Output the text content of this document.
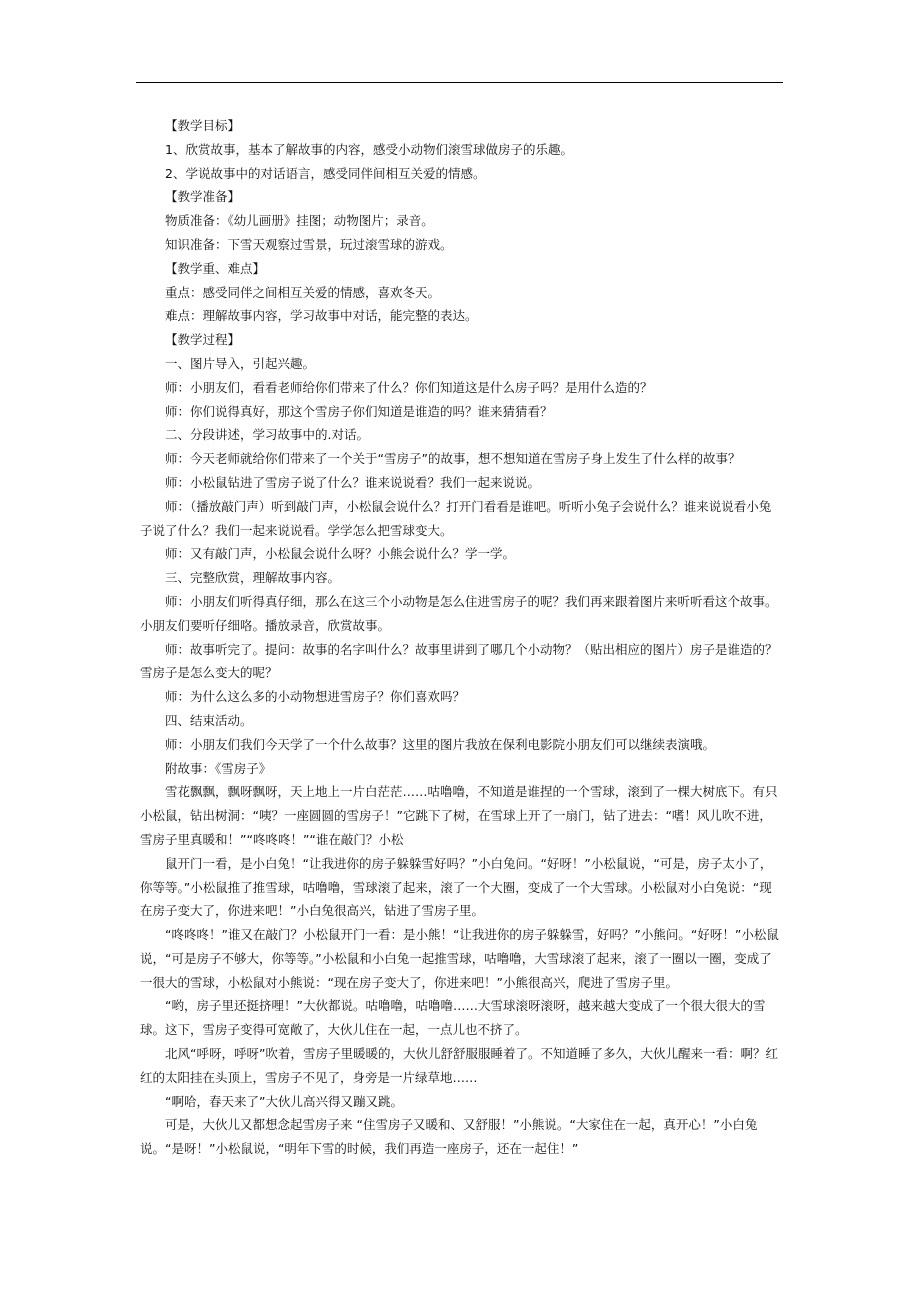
【教学目标】

1、欣赏故事，基本了解故事的内容，感受小动物们滚雪球做房子的乐趣。

2、学说故事中的对话语言，感受同伴间相互关爱的情感。

【教学准备】

物质准备：《幼儿画册》挂图；动物图片；录音。

知识准备：下雪天观察过雪景，玩过滚雪球的游戏。

【教学重、难点】

重点：感受同伴之间相互关爱的情感，喜欢冬天。

难点：理解故事内容，学习故事中对话，能完整的表达。

【教学过程】

一、图片导入，引起兴趣。

师：小朋友们，看看老师给你们带来了什么？你们知道这是什么房子吗？是用什么造的？

师：你们说得真好，那这个雪房子你们知道是谁造的吗？谁来猜猜看？

二、分段讲述，学习故事中的.对话。

师：今天老师就给你们带来了一个关于“雪房子”的故事，想不想知道在雪房子身上发生了什么样的故事？

师：小松鼠钻进了雪房子说了什么？谁来说说看？我们一起来说说。

师：（播放敲门声）听到敲门声，小松鼠会说什么？打开门看看是谁吧。听听小兔子会说什么？谁来说说看小兔子说了什么？我们一起来说说看。学学怎么把雪球变大。

师：又有敲门声，小松鼠会说什么呀？小熊会说什么？学一学。

三、完整欣赏，理解故事内容。

师：小朋友们听得真仔细，那么在这三个小动物是怎么住进雪房子的呢？我们再来跟着图片来听听看这个故事。小朋友们要听仔细咯。播放录音，欣赏故事。

师：故事听完了。提问：故事的名字叫什么？故事里讲到了哪几个小动物？（贴出相应的图片）房子是谁造的？雪房子是怎么变大的呢？

师：为什么这么多的小动物想进雪房子？你们喜欢吗？

四、结束活动。

师：小朋友们我们今天学了一个什么故事？这里的图片我放在保利电影院小朋友们可以继续表演哦。

附故事：《雪房子》

雪花飘飘，飘呀飘呀，天上地上一片白茫茫……咕噜噜，不知道是谁捏的一个雪球，滚到了一棵大树底下。有只小松鼠，钻出树洞：“咦？一座圆圆的雪房子！”它跳下了树，在雪球上开了一扇门，钻了进去：“嗜！风儿吹不进，雪房子里真暖和！”“咚咚咚！”“谁在敲门？小松

鼠开门一看，是小白兔！“让我进你的房子躲躲雪好吗？”小白兔问。“好呀！”小松鼠说，“可是，房子太小了，你等等。”小松鼠推了推雪球，咕噜噜，雪球滚了起来，滚了一个大圈，变成了一个大雪球。小松鼠对小白兔说：“现在房子变大了，你进来吧！”小白兔很高兴，钻进了雪房子里。

“咚咚咚！”谁又在敲门？小松鼠开门一看：是小熊！“让我进你的房子躲躲雪，好吗？”小熊问。“好呀！”小松鼠说，“可是房子不够大，你等等。”小松鼠和小白兔一起推雪球，咕噜噜，大雪球滚了起来，滚了一圈以一圈，变成了一很大的雪球，小松鼠对小熊说：“现在房子变大了，你进来吧！”小熊很高兴，爬进了雪房子里。

“哟，房子里还挺挤哩！”大伙都说。咕噜噜，咕噜噜……大雪球滚呀滚呀，越来越大变成了一个很大很大的雪球。这下，雪房子变得可宽敞了，大伙儿住在一起，一点儿也不挤了。

北风“呼呀，呼呀”吹着，雪房子里暖暖的，大伙儿舒舒服服睡着了。不知道睡了多久，大伙儿醒来一看：啊？红红的太阳挂在头顶上，雪房子不见了，身旁是一片绿草地……

“啊哈，春天来了”大伙儿高兴得又蹦又跳。

可是，大伙儿又都想念起雪房子来 “住雪房子又暖和、又舒服！”小熊说。“大家住在一起，真开心！”小白兔说。“是呀！”小松鼠说，“明年下雪的时候，我们再造一座房子，还在一起住！”
